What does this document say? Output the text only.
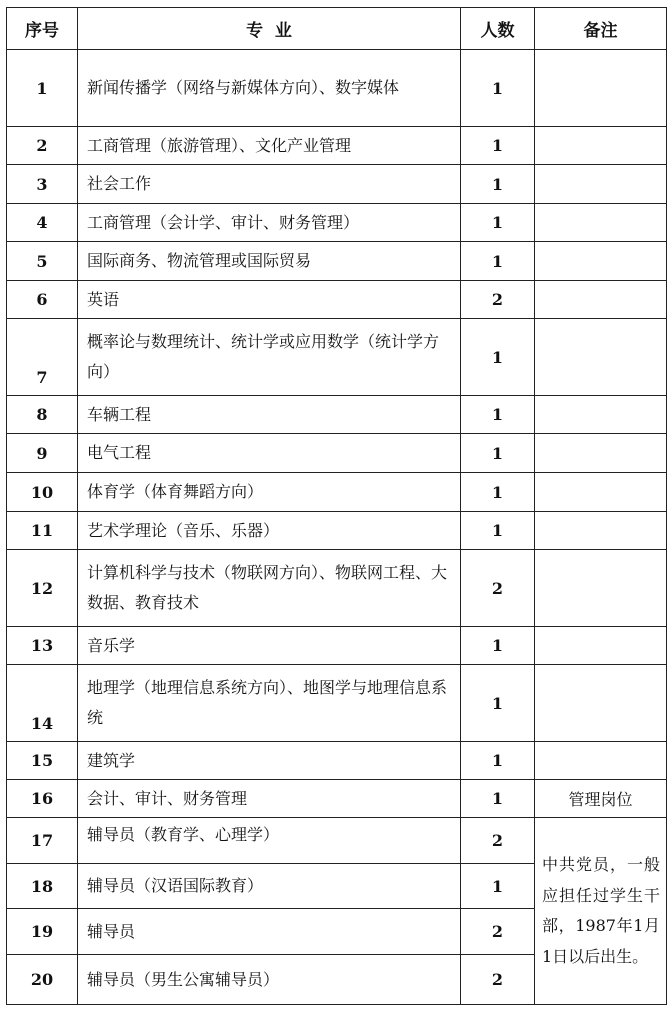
序号	专  业	人数	备注
1	新闻传播学（网络与新媒体方向）、数字媒体	1	
2	工商管理（旅游管理）、文化产业管理	1	
3	社会工作	1	
4	工商管理（会计学、审计、财务管理）	1	
5	国际商务、物流管理或国际贸易	1	
6	英语	2	
7	概率论与数理统计、统计学或应用数学（统计学方向）	1	
8	车辆工程	1	
9	电气工程	1	
10	体育学（体育舞蹈方向）	1	
11	艺术学理论（音乐、乐器）	1	
12	计算机科学与技术（物联网方向）、物联网工程、大数据、教育技术	2	
13	音乐学	1	
14	地理学（地理信息系统方向）、地图学与地理信息系统	1	
15	建筑学	1	
16	会计、审计、财务管理	1	管理岗位
17	辅导员（教育学、心理学）	2	中共党员，一般应担任过学生干部，1987年1月1日以后出生。

18	辅导员（汉语国际教育）	1	
19	辅导员	2	
20	辅导员（男生公寓辅导员）	2	
